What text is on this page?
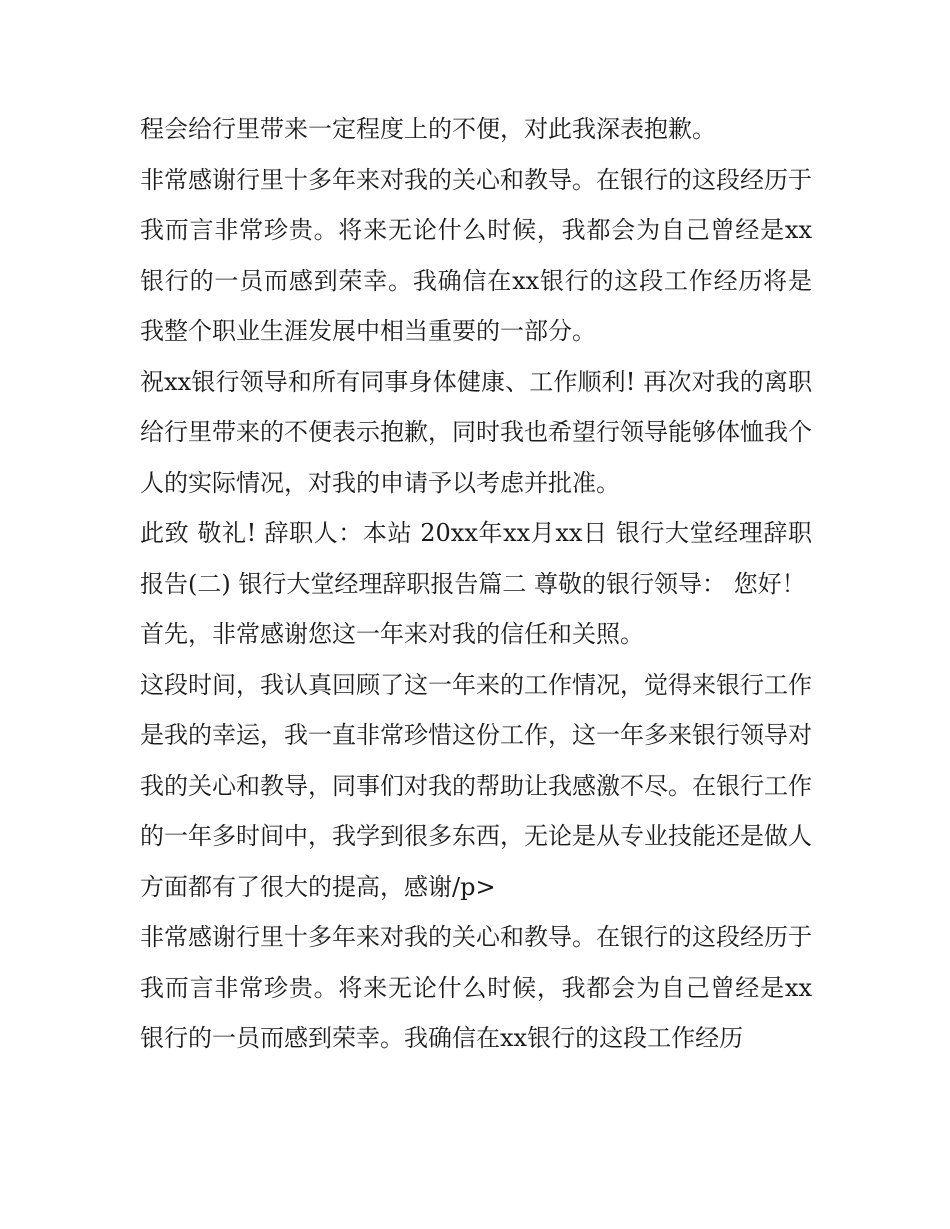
程会给行里带来一定程度上的不便，对此我深表抱歉。

非常感谢行里十多年来对我的关心和教导。在银行的这段经历于我而言非常珍贵。将来无论什么时候，我都会为自己曾经是xx银行的一员而感到荣幸。我确信在xx银行的这段工作经历将是我整个职业生涯发展中相当重要的一部分。

祝xx银行领导和所有同事身体健康、工作顺利! 再次对我的离职给行里带来的不便表示抱歉，同时我也希望行领导能够体恤我个人的实际情况，对我的申请予以考虑并批准。

此致 敬礼! 辞职人：本站 20xx年xx月xx日 银行大堂经理辞职报告(二) 银行大堂经理辞职报告篇二 尊敬的银行领导： 您好！

首先，非常感谢您这一年来对我的信任和关照。

这段时间，我认真回顾了这一年来的工作情况，觉得来银行工作是我的幸运，我一直非常珍惜这份工作，这一年多来银行领导对我的关心和教导，同事们对我的帮助让我感激不尽。在银行工作的一年多时间中，我学到很多东西，无论是从专业技能还是做人方面都有了很大的提高，感谢/p>

非常感谢行里十多年来对我的关心和教导。在银行的这段经历于我而言非常珍贵。将来无论什么时候，我都会为自己曾经是xx银行的一员而感到荣幸。我确信在xx银行的这段工作经历
